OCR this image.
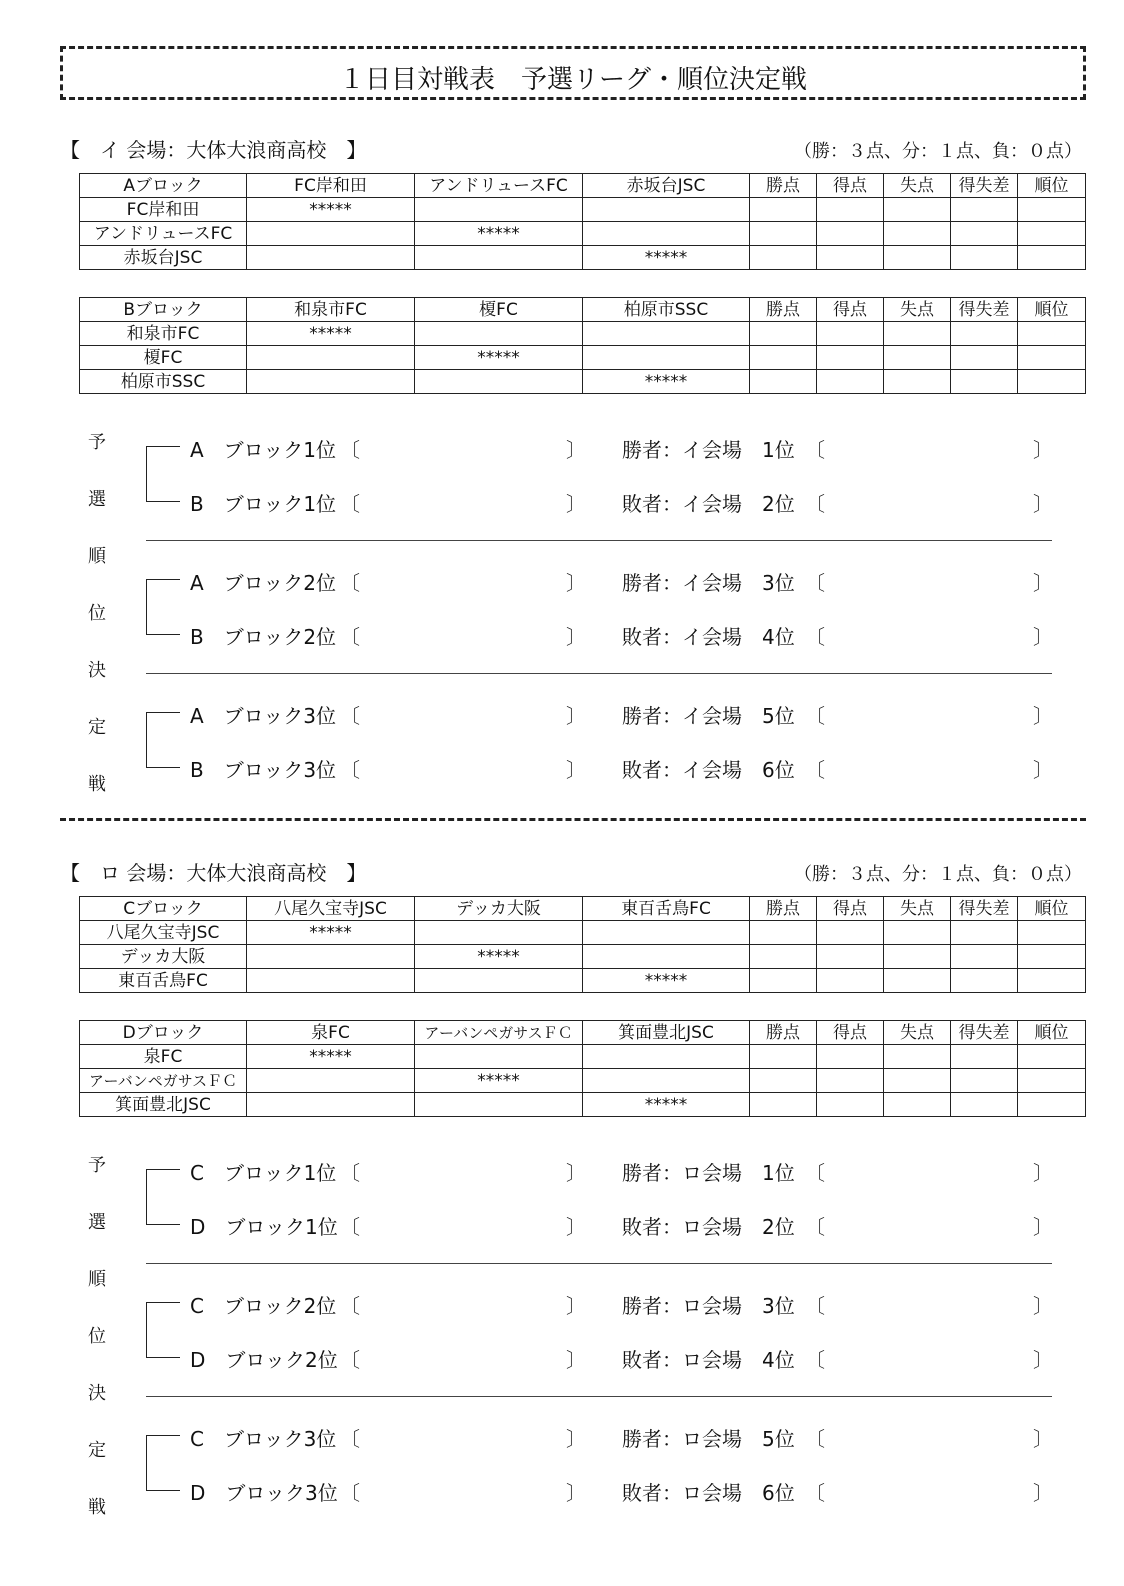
１日目対戦表　予選リーグ・順位決定戦
【　イ 会場：大体大浪商高校　】	（勝：３点、分：１点、負：０点）
Aブロック	FC岸和田	アンドリュースFC	赤坂台JSC	勝点	得点	失点	得失差	順位
FC岸和田	*****							
アンドリュースFC		*****						
赤坂台JSC			*****					
Bブロック	和泉市FC	榎FC	柏原市SSC	勝点	得点	失点	得失差	順位
和泉市FC	*****							
榎FC		*****						
柏原市SSC			*****					
予
選
順
位
決
定
戦
A　ブロック1位
B　ブロック1位
〔	〕	〔	〕
〔	〕	〔	〕
勝者：イ会場　1位
敗者：イ会場　2位
A　ブロック2位
B　ブロック2位
〔	〕	〔	〕
〔	〕	〔	〕
勝者：イ会場　3位
敗者：イ会場　4位
A　ブロック3位
B　ブロック3位
〔	〕	〔	〕
〔	〕	〔	〕
勝者：イ会場　5位
敗者：イ会場　6位
【　ロ 会場：大体大浪商高校　】	（勝：３点、分：１点、負：０点）
Cブロック	八尾久宝寺JSC	デッカ大阪	東百舌鳥FC	勝点	得点	失点	得失差	順位
八尾久宝寺JSC	*****							
デッカ大阪		*****						
東百舌鳥FC			*****					
Dブロック	泉FC	アーバンペガサスＦＣ	箕面豊北JSC	勝点	得点	失点	得失差	順位
泉FC	*****							
アーバンペガサスＦＣ		*****						
箕面豊北JSC			*****					
予
選
順
位
決
定
戦
C　ブロック1位
D　ブロック1位
〔	〕	〔	〕
〔	〕	〔	〕
勝者：ロ会場　1位
敗者：ロ会場　2位
C　ブロック2位
D　ブロック2位
〔	〕	〔	〕
〔	〕	〔	〕
勝者：ロ会場　3位
敗者：ロ会場　4位
C　ブロック3位
D　ブロック3位
〔	〕	〔	〕
〔	〕	〔	〕
勝者：ロ会場　5位
敗者：ロ会場　6位
